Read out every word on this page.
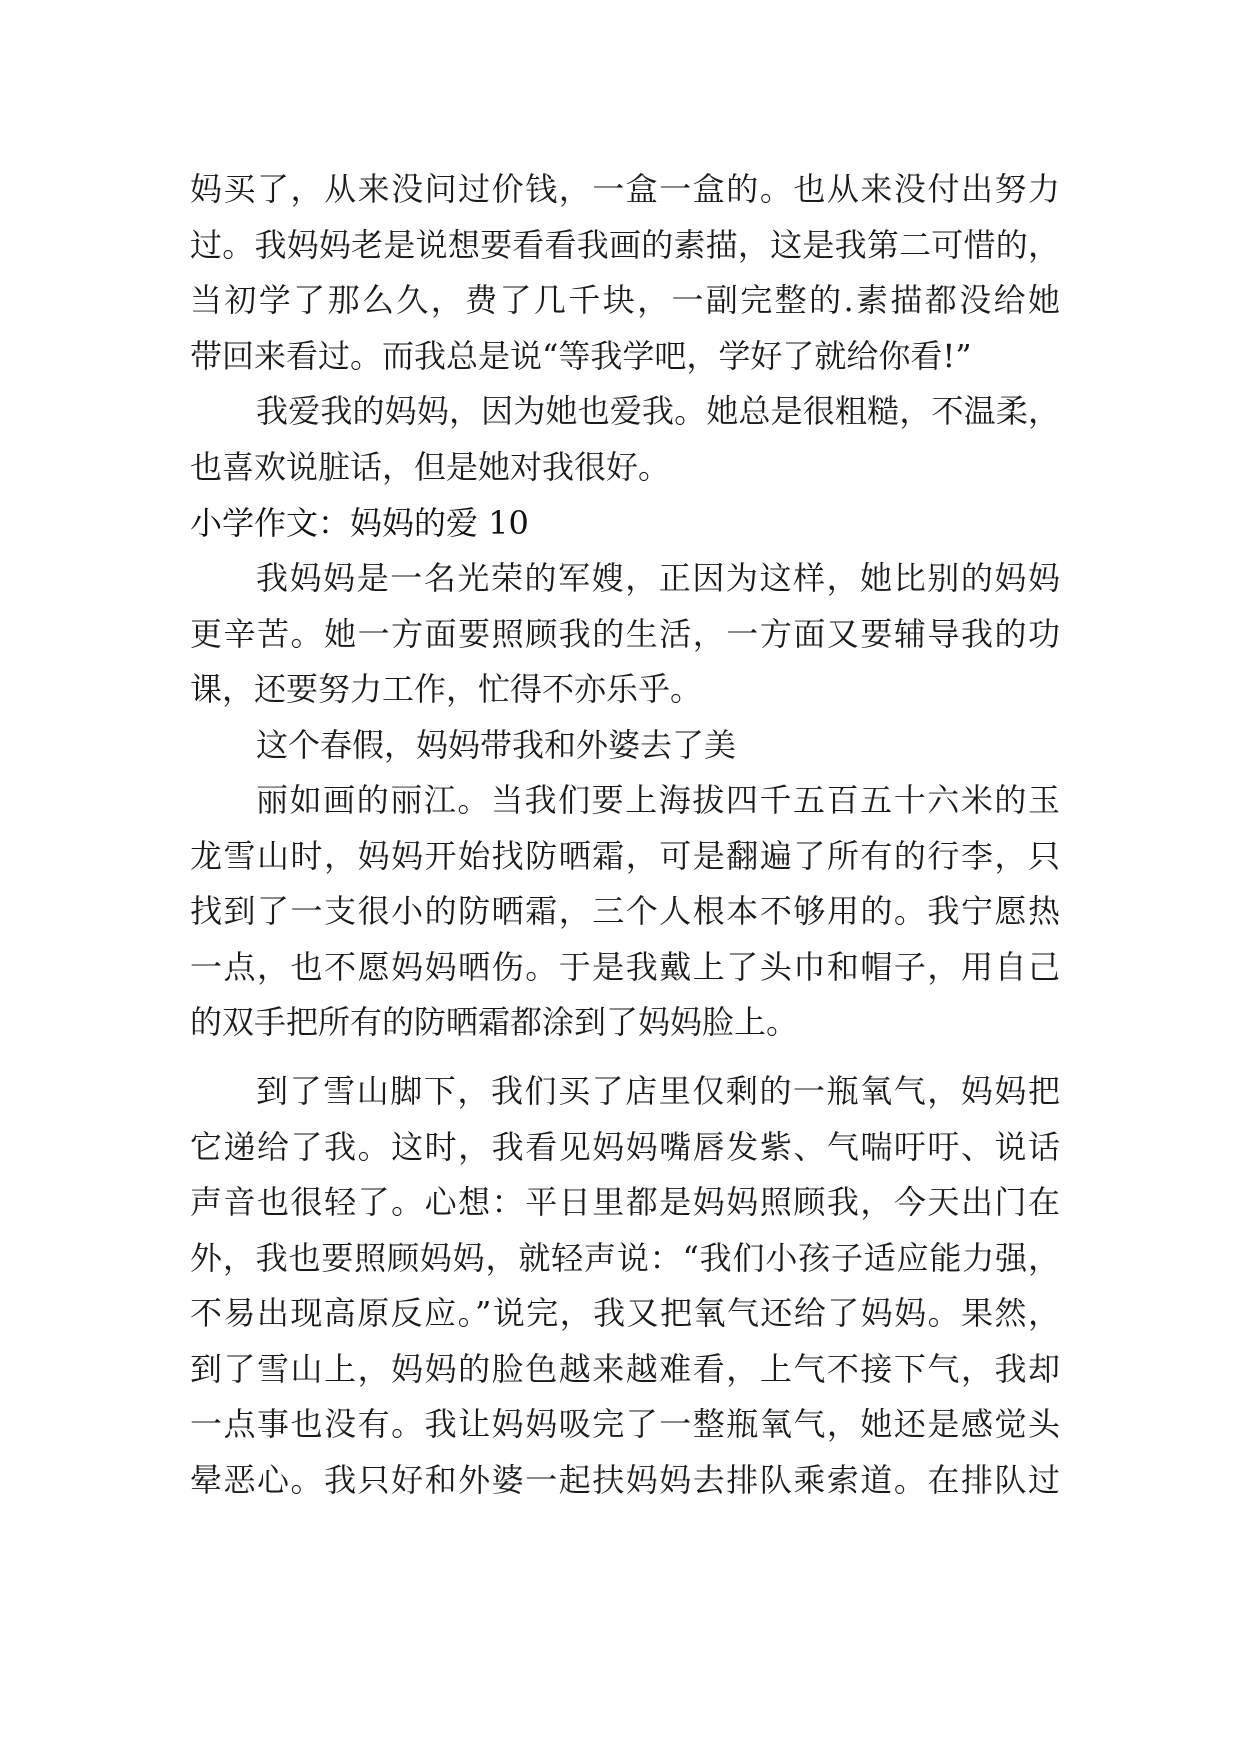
妈买了，从来没问过价钱，一盒一盒的。也从来没付出努力

过。我妈妈老是说想要看看我画的素描，这是我第二可惜的，

当初学了那么久，费了几千块，一副完整的.素描都没给她

带回来看过。而我总是说“等我学吧，学好了就给你看!”

我爱我的妈妈，因为她也爱我。她总是很粗糙，不温柔，

也喜欢说脏话，但是她对我很好。

小学作文：妈妈的爱 10

我妈妈是一名光荣的军嫂，正因为这样，她比别的妈妈

更辛苦。她一方面要照顾我的生活，一方面又要辅导我的功

课，还要努力工作，忙得不亦乐乎。

这个春假，妈妈带我和外婆去了美

丽如画的丽江。当我们要上海拔四千五百五十六米的玉

龙雪山时，妈妈开始找防晒霜，可是翻遍了所有的行李，只

找到了一支很小的防晒霜，三个人根本不够用的。我宁愿热

一点，也不愿妈妈晒伤。于是我戴上了头巾和帽子，用自己

的双手把所有的防晒霜都涂到了妈妈脸上。

到了雪山脚下，我们买了店里仅剩的一瓶氧气，妈妈把

它递给了我。这时，我看见妈妈嘴唇发紫、气喘吁吁、说话

声音也很轻了。心想：平日里都是妈妈照顾我，今天出门在

外，我也要照顾妈妈，就轻声说：“我们小孩子适应能力强，

不易出现高原反应。”说完，我又把氧气还给了妈妈。果然，

到了雪山上，妈妈的脸色越来越难看，上气不接下气，我却

一点事也没有。我让妈妈吸完了一整瓶氧气，她还是感觉头

晕恶心。我只好和外婆一起扶妈妈去排队乘索道。在排队过
